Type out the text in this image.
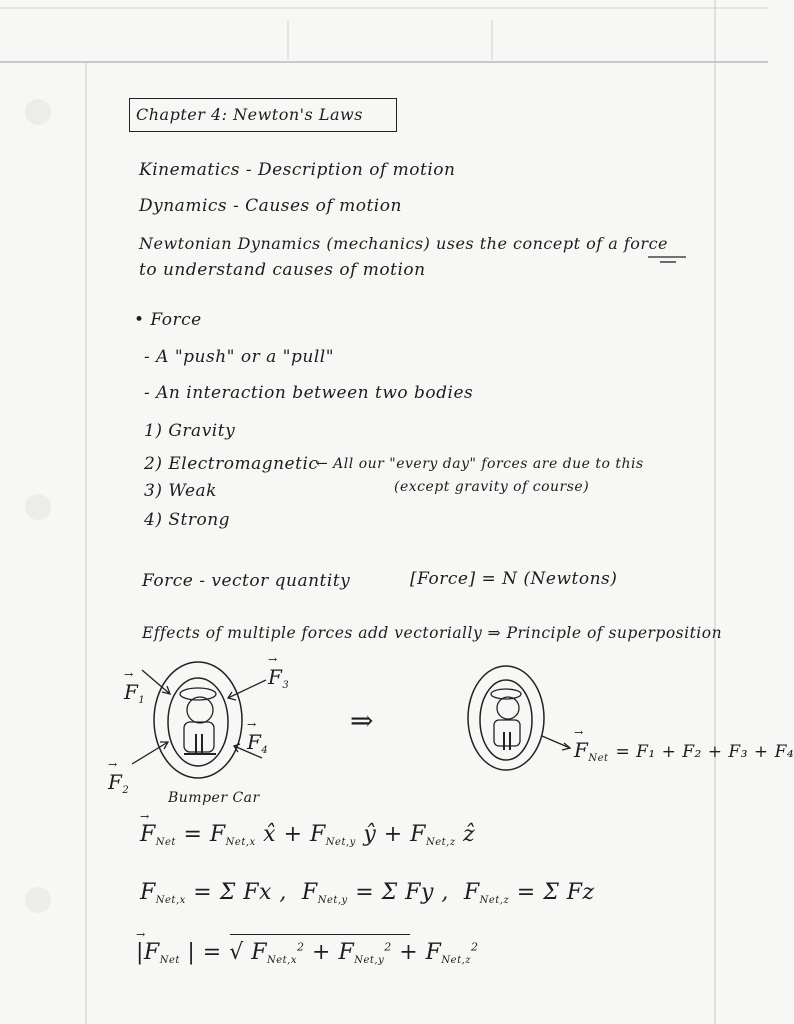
Chapter 4: Newton's Laws
Kinematics - Description of motion
Dynamics - Causes of motion
Newtonian Dynamics (mechanics) uses the concept of a force
to understand causes of motion
• Force
- A "push" or a "pull"
- An interaction between two bodies
1) Gravity
2) Electromagnetic
← All our "every day" forces are due to this
(except gravity of course)
3) Weak
4) Strong
Force - vector quantity	[Force] = N (Newtons)
Effects of multiple forces add vectorially ⇒ Principle of superposition
→ $F_1$
→ $F_3$
→ $F_4$
→ $F_2$	Bumper Car
⇒
→ $F_{Net} = F_1 + F_2 + F_3 + F_4$
→ $F_{Net} = F_{Net,x}$ x̂ + $F_{Net,y}$ ŷ + $F_{Net,z}$ ẑ
$F_{Net,x} = \Sigma$ Fx , $F_{Net,y} = \Sigma$ Fy , $F_{Net,z} = \Sigma$ Fz
→ $|F_{Net}$ | = √ $F_{Net,x}^2 + F_{Net,y}^2 + F_{Net,z}^2$
